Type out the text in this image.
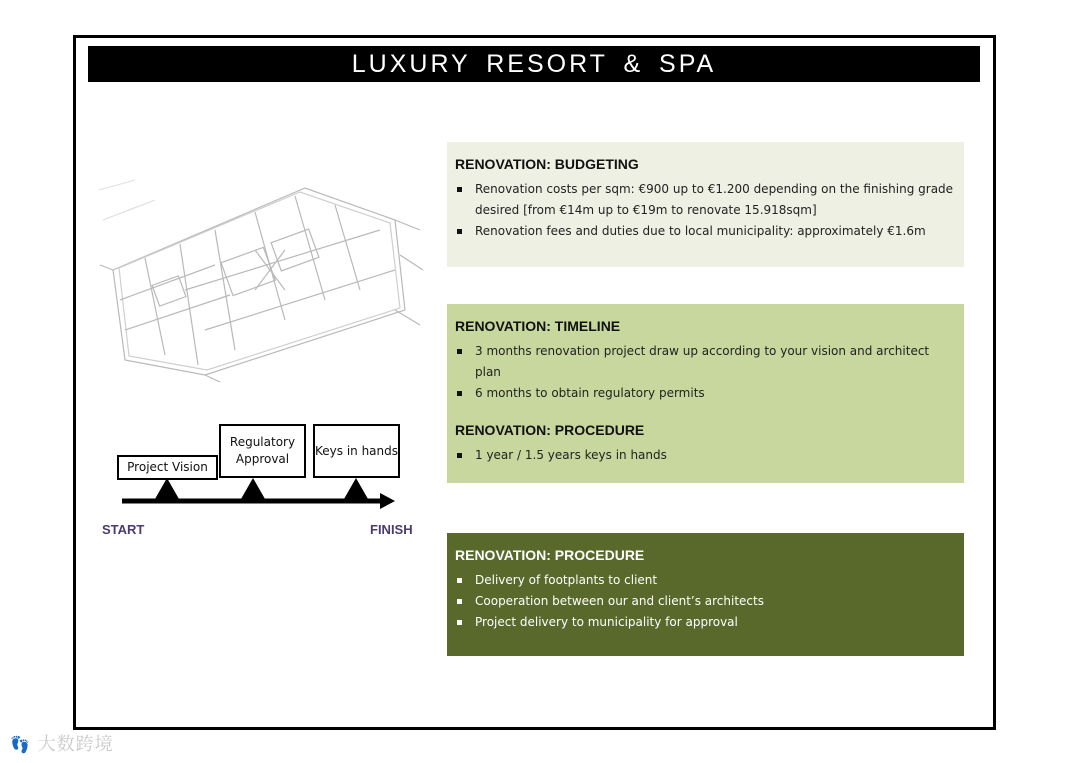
LUXURY RESORT & SPA
Project Vision
Regulatory Approval
Keys in hands
START	FINISH
RENOVATION: BUDGETING
Renovation costs per sqm: €900 up to €1.200 depending on the finishing grade desired [from €14m up to €19m to renovate 15.918sqm]
Renovation fees and duties due to local municipality: approximately €1.6m
RENOVATION: TIMELINE
3 months renovation project draw up according to your vision and architect plan
6 months to obtain regulatory permits
RENOVATION: PROCEDURE
1 year / 1.5 years keys in hands
RENOVATION: PROCEDURE
Delivery of footplants to client
Cooperation between our and client’s architects
Project delivery to municipality for approval
👣 大数跨境
